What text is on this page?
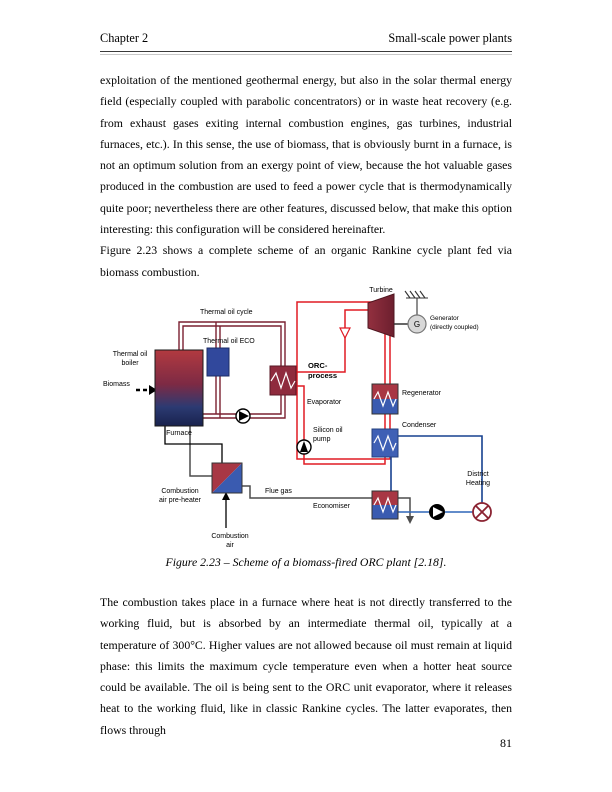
Chapter 2	Small-scale power plants

exploitation of the mentioned geothermal energy, but also in the solar thermal energy field (especially coupled with parabolic concentrators) or in waste heat recovery (e.g. from exhaust gases exiting internal combustion engines, gas turbines, industrial furnaces, etc.). In this sense, the use of biomass, that is obviously burnt in a furnace, is not an optimum solution from an exergy point of view, because the hot valuable gases produced in the combustion are used to feed a power cycle that is thermodynamically quite poor; nevertheless there are other features, discussed below, that make this option interesting: this configuration will be considered hereinafter.

Figure 2.23 shows a complete scheme of an organic Rankine cycle plant fed via biomass combustion.

G
Turbine
Generator
(directly coupled)
Thermal oil cycle
Thermal oil ECO
ORC-
process
Thermal oil
boiler
Biomass
Furnace
Evaporator
Regenerator
Silicon oil
pump
Condenser
Combustion
air pre-heater
Flue gas
Economiser
District
Heating
Combustion
air
Figure 2.23 – Scheme of a biomass-fired ORC plant [2.18].

The combustion takes place in a furnace where heat is not directly transferred to the working fluid, but is absorbed by an intermediate thermal oil, typically at a temperature of 300°C. Higher values are not allowed because oil must remain at liquid phase: this limits the maximum cycle temperature even when a hotter heat source could be available. The oil is being sent to the ORC unit evaporator, where it releases heat to the working fluid, like in classic Rankine cycles. The latter evaporates, then flows through

81
